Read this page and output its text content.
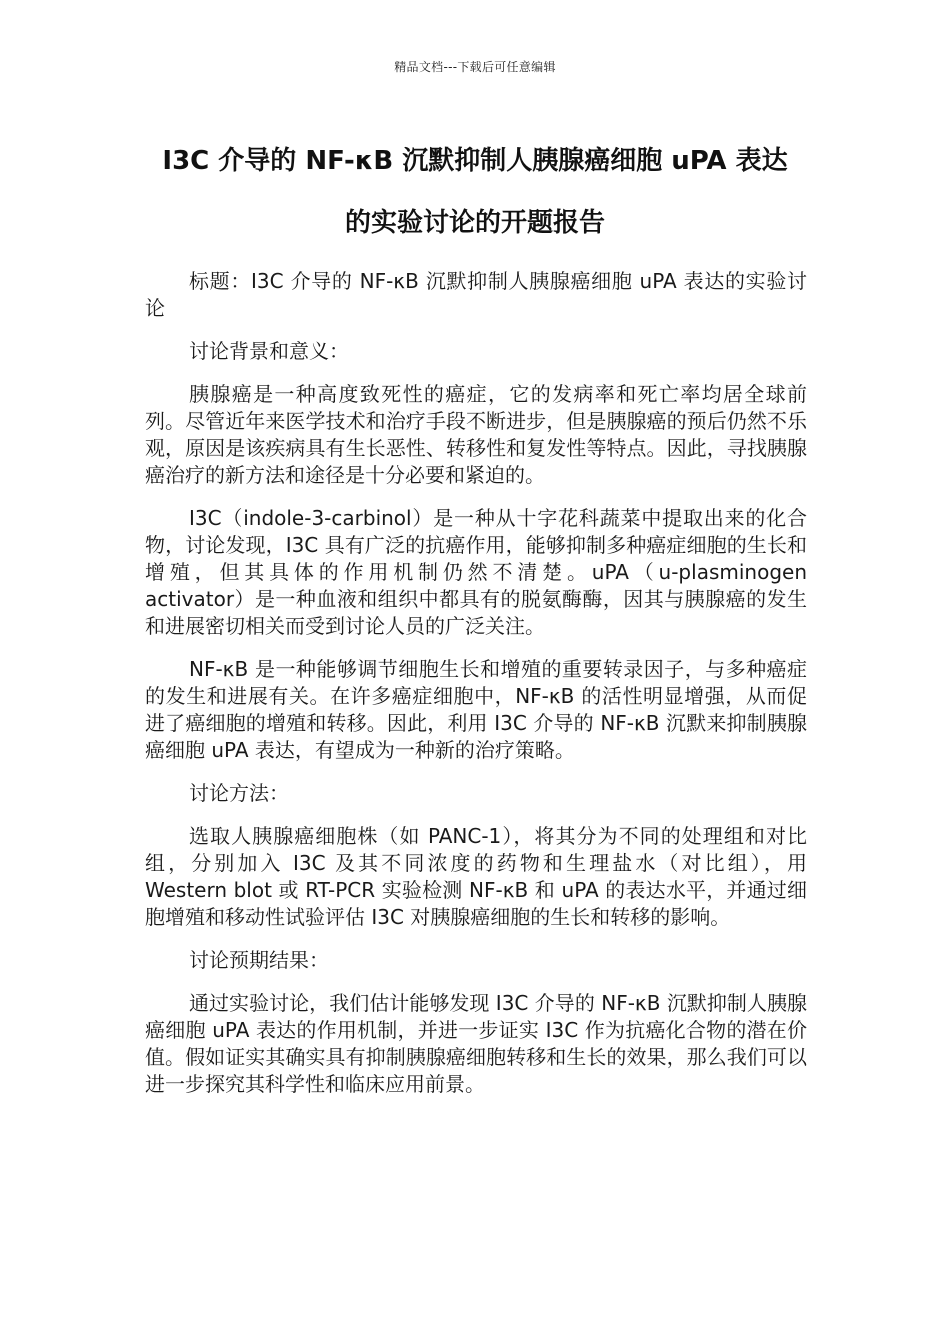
精品文档---下载后可任意编辑
I3C 介导的 NF-κB 沉默抑制人胰腺癌细胞 uPA 表达
的实验讨论的开题报告

标题：I3C 介导的 NF-κB 沉默抑制人胰腺癌细胞 uPA 表达的实验讨论

讨论背景和意义：

胰腺癌是一种高度致死性的癌症，它的发病率和死亡率均居全球前列。尽管近年来医学技术和治疗手段不断进步，但是胰腺癌的预后仍然不乐观，原因是该疾病具有生长恶性、转移性和复发性等特点。因此，寻找胰腺癌治疗的新方法和途径是十分必要和紧迫的。

I3C（indole-3-carbinol）是一种从十字花科蔬菜中提取出来的化合物，讨论发现，I3C 具有广泛的抗癌作用，能够抑制多种癌症细胞的生长和增殖，但其具体的作用机制仍然不清楚。uPA（u-plasminogen activator）是一种血液和组织中都具有的脱氨酶酶，因其与胰腺癌的发生和进展密切相关而受到讨论人员的广泛关注。

NF-κB 是一种能够调节细胞生长和增殖的重要转录因子，与多种癌症的发生和进展有关。在许多癌症细胞中，NF-κB 的活性明显增强，从而促进了癌细胞的增殖和转移。因此，利用 I3C 介导的 NF-κB 沉默来抑制胰腺癌细胞 uPA 表达，有望成为一种新的治疗策略。

讨论方法：

选取人胰腺癌细胞株（如 PANC-1），将其分为不同的处理组和对比组，分别加入 I3C 及其不同浓度的药物和生理盐水（对比组），用 Western blot 或 RT-PCR 实验检测 NF-κB 和 uPA 的表达水平，并通过细胞增殖和移动性试验评估 I3C 对胰腺癌细胞的生长和转移的影响。

讨论预期结果：

通过实验讨论，我们估计能够发现 I3C 介导的 NF-κB 沉默抑制人胰腺癌细胞 uPA 表达的作用机制，并进一步证实 I3C 作为抗癌化合物的潜在价值。假如证实其确实具有抑制胰腺癌细胞转移和生长的效果，那么我们可以进一步探究其科学性和临床应用前景。
